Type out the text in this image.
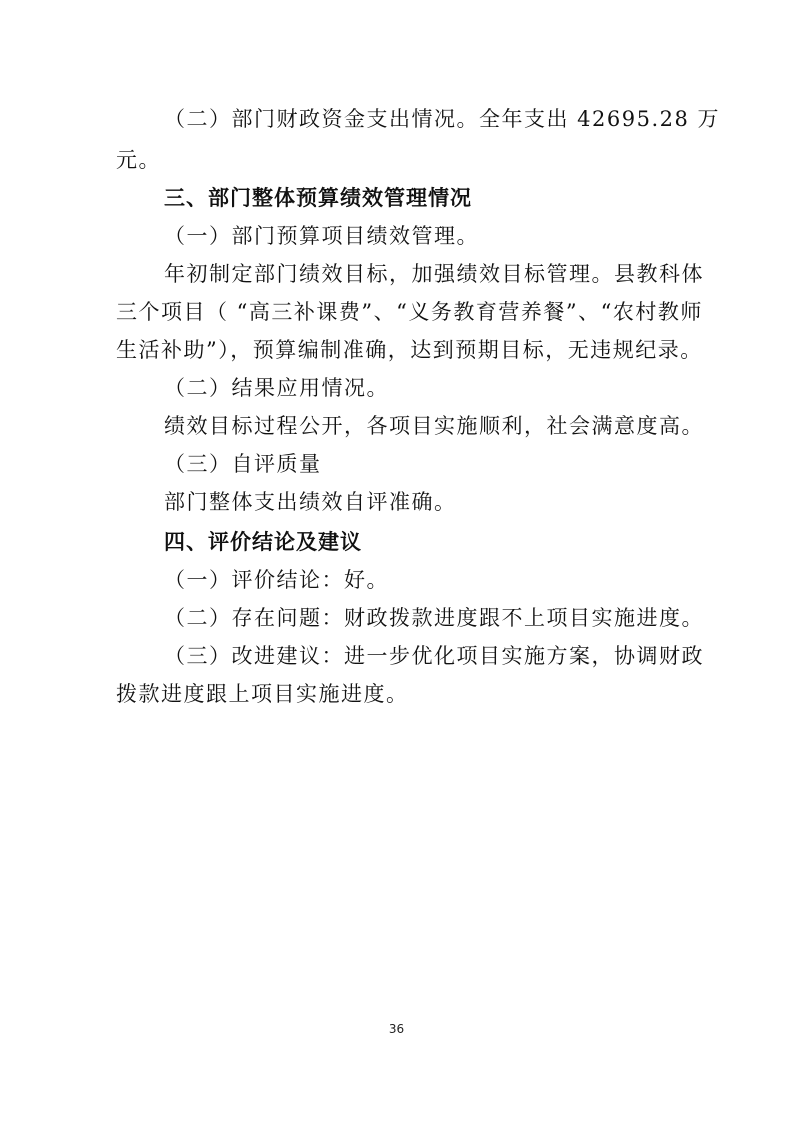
（二）部门财政资金支出情况。全年支出 42695.28 万
元。
三、部门整体预算绩效管理情况
（一）部门预算项目绩效管理。
年初制定部门绩效目标，加强绩效目标管理。县教科体
三个项目（ “高三补课费”、“义务教育营养餐”、“农村教师
生活补助”），预算编制准确，达到预期目标，无违规纪录。
（二）结果应用情况。
绩效目标过程公开，各项目实施顺利，社会满意度高。
（三）自评质量
部门整体支出绩效自评准确。
四、评价结论及建议
（一）评价结论：好。
（二）存在问题：财政拨款进度跟不上项目实施进度。
（三）改进建议：进一步优化项目实施方案，协调财政
拨款进度跟上项目实施进度。
36
